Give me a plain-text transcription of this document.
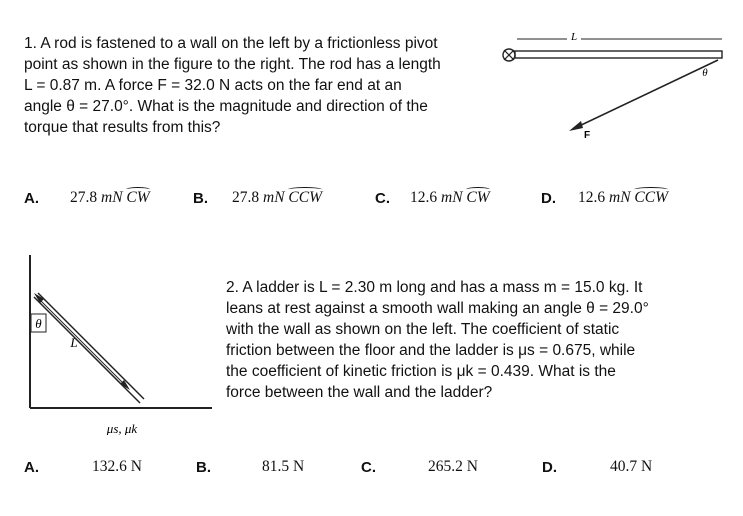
1. A rod is fastened to a wall on the left by a frictionless pivot
point as shown in the figure to the right. The rod has a length
L = 0.87 m. A force F = 32.0 N acts on the far end at an
angle θ = 27.0°. What is the magnitude and direction of the
torque that results from this?
L
θ
F
A. 27.8 mN CW	B. 27.8 mN CCW	C. 12.6 mN CW	D. 12.6 mN CCW
θ
L
μs, μk
2. A ladder is L = 2.30 m long and has a mass m = 15.0 kg. It
leans at rest against a smooth wall making an angle θ = 29.0°
with the wall as shown on the left. The coefficient of static
friction between the floor and the ladder is μs = 0.675, while
the coefficient of kinetic friction is μk = 0.439. What is the
force between the wall and the ladder?
A.	132.6 N	B.	81.5 N	C.	265.2 N	D.	40.7 N
